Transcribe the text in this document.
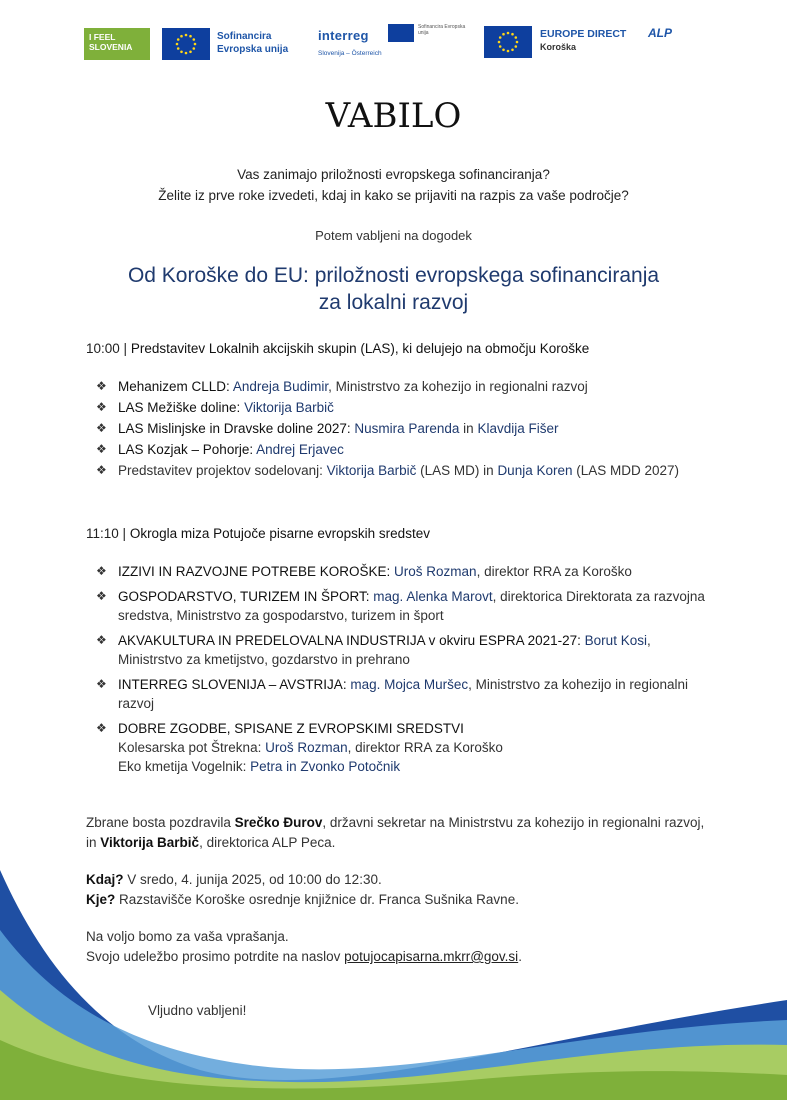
I FEEL
SLOVENIA
Sofinancira
Evropska unija
interreg
Slovenija – Österreich
Sofinancira Evropska unija	EUROPE DIRECT
Koroška
ALP
VABILO
Vas zanimajo priložnosti evropskega sofinanciranja?
Želite iz prve roke izvedeti, kdaj in kako se prijaviti na razpis za vaše področje?
Potem vabljeni na dogodek
Od Koroške do EU: priložnosti evropskega sofinanciranja
za lokalni razvoj
10:00 | Predstavitev Lokalnih akcijskih skupin (LAS), ki delujejo na območju Koroške
❖ Mehanizem CLLD: Andreja Budimir, Ministrstvo za kohezijo in regionalni razvoj
❖ LAS Mežiške doline: Viktorija Barbič
❖ LAS Mislinjske in Dravske doline 2027: Nusmira Parenda in Klavdija Fišer
❖ LAS Kozjak – Pohorje: Andrej Erjavec
❖ Predstavitev projektov sodelovanj: Viktorija Barbič (LAS MD) in Dunja Koren (LAS MDD 2027)
11:10 | Okrogla miza Potujoče pisarne evropskih sredstev
❖ IZZIVI IN RAZVOJNE POTREBE KOROŠKE: Uroš Rozman, direktor RRA za Koroško
❖ GOSPODARSTVO, TURIZEM IN ŠPORT: mag. Alenka Marovt, direktorica Direktorata za razvojna sredstva, Ministrstvo za gospodarstvo, turizem in šport
❖ AKVAKULTURA IN PREDELOVALNA INDUSTRIJA v okviru ESPRA 2021-27: Borut Kosi, Ministrstvo za kmetijstvo, gozdarstvo in prehrano
❖ INTERREG SLOVENIJA – AVSTRIJA: mag. Mojca Muršec, Ministrstvo za kohezijo in regionalni razvoj
❖ DOBRE ZGODBE, SPISANE Z EVROPSKIMI SREDSTVI
Kolesarska pot Štrekna: Uroš Rozman, direktor RRA za Koroško
Eko kmetija Vogelnik: Petra in Zvonko Potočnik
Zbrane bosta pozdravila Srečko Đurov, državni sekretar na Ministrstvu za kohezijo in regionalni razvoj, in Viktorija Barbič, direktorica ALP Peca.
Kdaj? V sredo, 4. junija 2025, od 10:00 do 12:30.
Kje? Razstavišče Koroške osrednje knjižnice dr. Franca Sušnika Ravne.
Na voljo bomo za vaša vprašanja.
Svojo udeležbo prosimo potrdite na naslov potujocapisarna.mkrr@gov.si.
Vljudno vabljeni!
